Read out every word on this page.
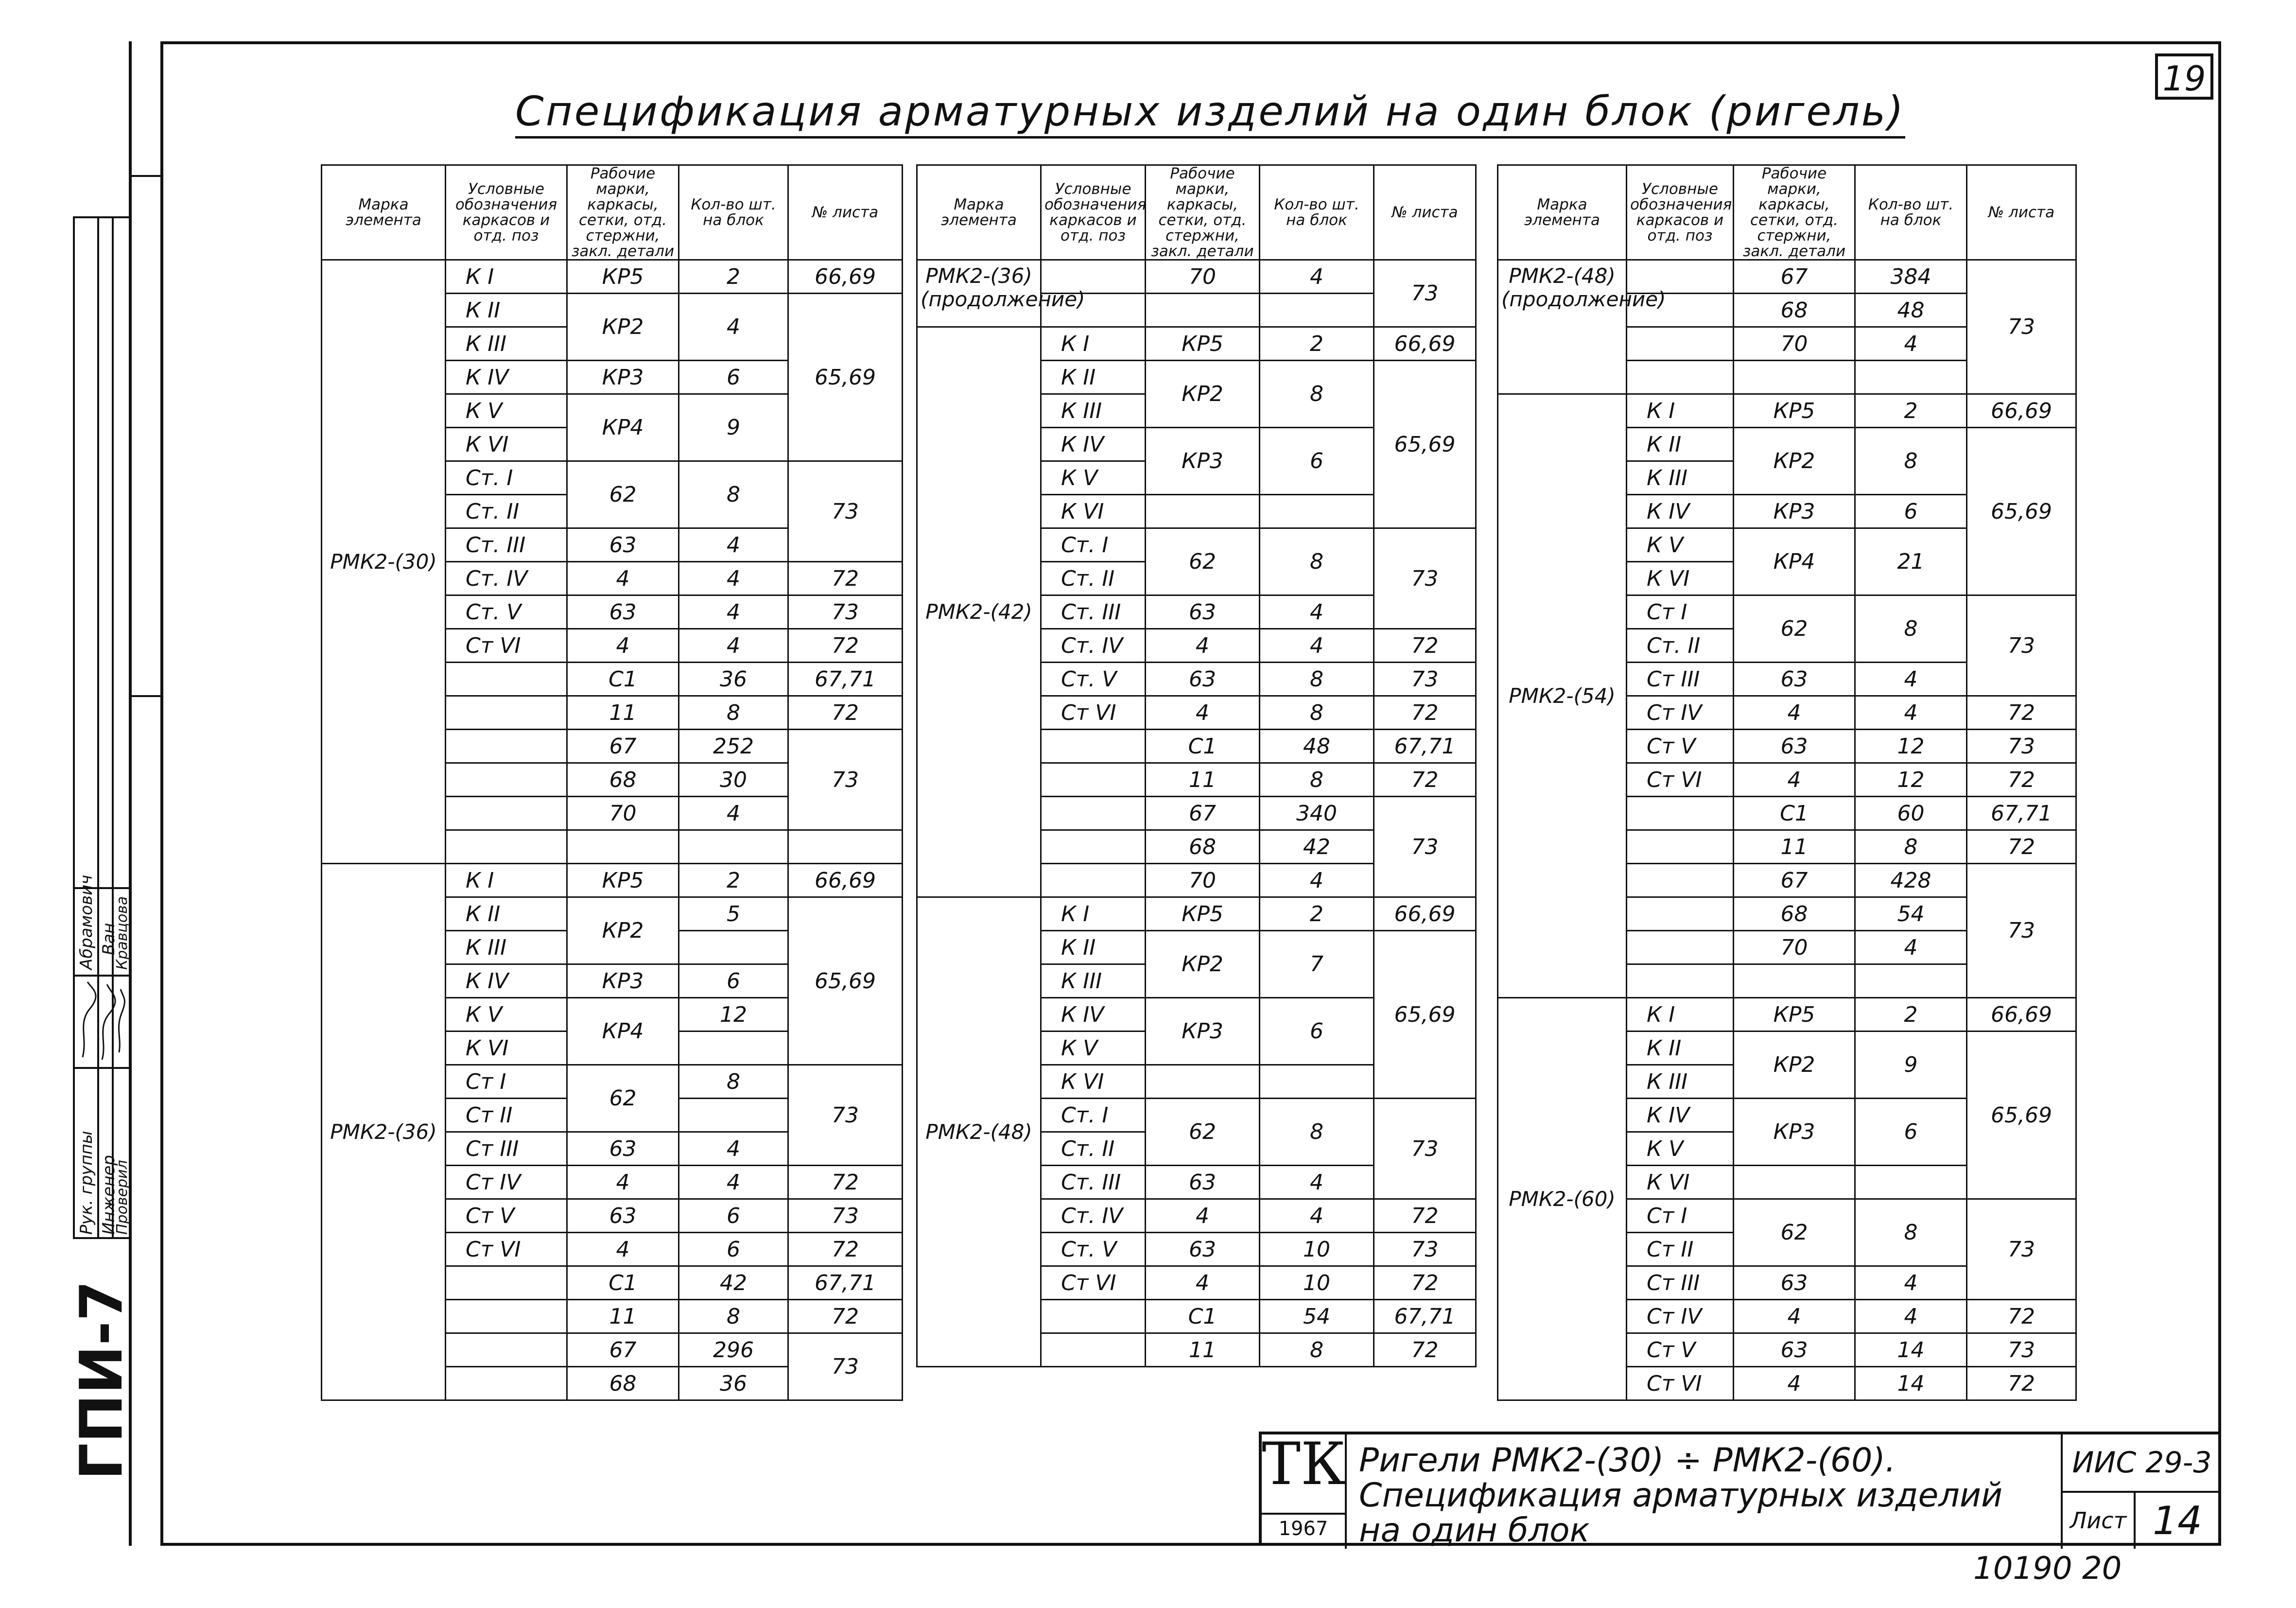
ГПИ-7
Рук. группы Инженер
Проверил
Абрамович Ван
Кравцова
19
Спецификация арматурных изделий на один блок (ригель)
Марка элемента	Условные обозначения каркасов и отд. поз	Рабочие марки, каркасы, сетки, отд. стержни, закл. детали	Кол-во шт. на блок	№ листа
РМК2-(30)	К I	КР5	2	66,69
	К II	КР2	4	65,69
	К III			
	К IV	КР3	6	
	К V	КР4	9	
	К VI			
	Ст. I	62	8	73
	Ст. II			
	Ст. III	63	4	
	Ст. IV	4	4	72
	Ст. V	63	4	73
	Ст VI	4	4	72
		С1	36	67,71
		11	8	72
		67	252	73
		68	30	
		70	4	

РМК2-(36)	К I	КР5	2	66,69
	К II	КР2	5	65,69
	К III			
	К IV	КР3	6	
	К V	КР4	12	
	К VI			
	Ст I	62	8	73
	Ст II			
	Ст III	63	4	
	Ст IV	4	4	72
	Ст V	63	6	73
	Ст VI	4	6	72
		С1	42	67,71
		11	8	72
		67	296	73
		68	36	
Марка элемента	Условные обозначения каркасов и отд. поз	Рабочие марки, каркасы, сетки, отд. стержни, закл. детали	Кол-во шт. на блок	№ листа
РМК2-(36) (продолжение)		70	4	73

РМК2-(42)	К I	КР5	2	66,69
	К II	КР2	8	65,69
	К III			
	К IV	КР3	6	
	К V			
	К VI			
	Ст. I	62	8	73
	Ст. II			
	Ст. III	63	4	
	Ст. IV	4	4	72
	Ст. V	63	8	73
	Ст VI	4	8	72
		С1	48	67,71
		11	8	72
		67	340	73
		68	42	
		70	4	
РМК2-(48)	К I	КР5	2	66,69
	К II	КР2	7	65,69
	К III			
	К IV	КР3	6	
	К V			
	К VI			
	Ст. I	62	8	73
	Ст. II			
	Ст. III	63	4	
	Ст. IV	4	4	72
	Ст. V	63	10	73
	Ст VI	4	10	72
		С1	54	67,71
		11	8	72
Марка элемента	Условные обозначения каркасов и отд. поз	Рабочие марки, каркасы, сетки, отд. стержни, закл. детали	Кол-во шт. на блок	№ листа
РМК2-(48) (продолжение)		67	384	73
		68	48	
		70	4	

РМК2-(54)	К I	КР5	2	66,69
	К II	КР2	8	65,69
	К III			
	К IV	КР3	6	
	К V	КР4	21	
	К VI			
	Ст I	62	8	73
	Ст. II			
	Ст III	63	4	
	Ст IV	4	4	72
	Ст V	63	12	73
	Ст VI	4	12	72
		С1	60	67,71
		11	8	72
		67	428	73
		68	54	
		70	4	

РМК2-(60)	К I	КР5	2	66,69
	К II	КР2	9	65,69
	К III			
	К IV	КР3	6	
	К V			
	К VI			
	Ст I	62	8	73
	Ст II			
	Ст III	63	4	
	Ст IV	4	4	72
	Ст V	63	14	73
	Ст VI	4	14	72
ТК
1967
Ригели РМК2-(30) ÷ РМК2-(60). Спецификация арматурных изделий на один блок
ИИС 29-3
Лист 14
10190 20
